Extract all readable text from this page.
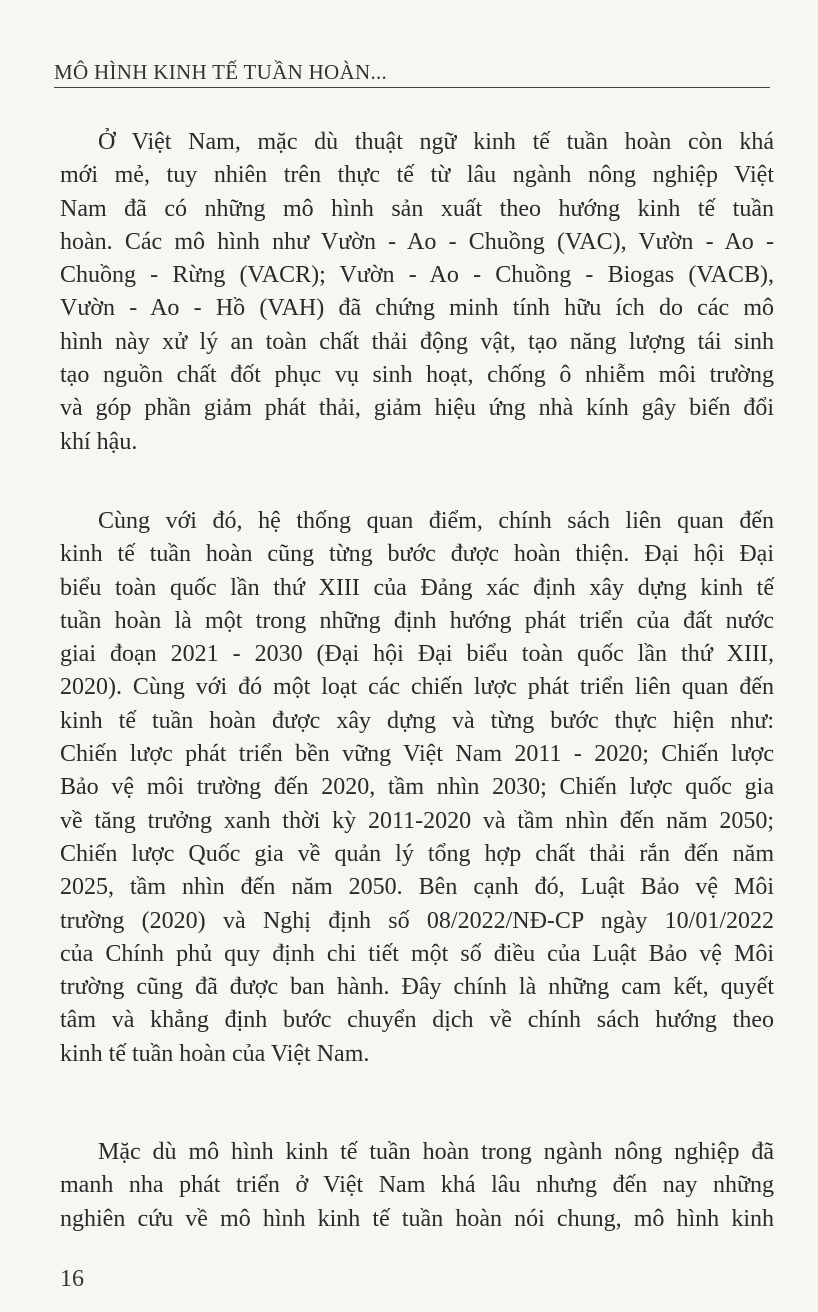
MÔ HÌNH KINH TẾ TUẦN HOÀN...
Ở Việt Nam, mặc dù thuật ngữ kinh tế tuần hoàn còn khá
mới mẻ, tuy nhiên trên thực tế từ lâu ngành nông nghiệp Việt
Nam đã có những mô hình sản xuất theo hướng kinh tế tuần
hoàn. Các mô hình như Vườn - Ao - Chuồng (VAC), Vườn - Ao -
Chuồng - Rừng (VACR); Vườn - Ao - Chuồng - Biogas (VACB),
Vườn - Ao - Hồ (VAH) đã chứng minh tính hữu ích do các mô
hình này xử lý an toàn chất thải động vật, tạo năng lượng tái sinh
tạo nguồn chất đốt phục vụ sinh hoạt, chống ô nhiễm môi trường
và góp phần giảm phát thải, giảm hiệu ứng nhà kính gây biến đổi
khí hậu.
Cùng với đó, hệ thống quan điểm, chính sách liên quan đến
kinh tế tuần hoàn cũng từng bước được hoàn thiện. Đại hội Đại
biểu toàn quốc lần thứ XIII của Đảng xác định xây dựng kinh tế
tuần hoàn là một trong những định hướng phát triển của đất nước
giai đoạn 2021 - 2030 (Đại hội Đại biểu toàn quốc lần thứ XIII,
2020). Cùng với đó một loạt các chiến lược phát triển liên quan đến
kinh tế tuần hoàn được xây dựng và từng bước thực hiện như:
Chiến lược phát triển bền vững Việt Nam 2011 - 2020; Chiến lược
Bảo vệ môi trường đến 2020, tầm nhìn 2030; Chiến lược quốc gia
về tăng trưởng xanh thời kỳ 2011-2020 và tầm nhìn đến năm 2050;
Chiến lược Quốc gia về quản lý tổng hợp chất thải rắn đến năm
2025, tầm nhìn đến năm 2050. Bên cạnh đó, Luật Bảo vệ Môi
trường (2020) và Nghị định số 08/2022/NĐ-CP ngày 10/01/2022
của Chính phủ quy định chi tiết một số điều của Luật Bảo vệ Môi
trường cũng đã được ban hành. Đây chính là những cam kết, quyết
tâm và khẳng định bước chuyển dịch về chính sách hướng theo
kinh tế tuần hoàn của Việt Nam.
Mặc dù mô hình kinh tế tuần hoàn trong ngành nông nghiệp đã
manh nha phát triển ở Việt Nam khá lâu nhưng đến nay những
nghiên cứu về mô hình kinh tế tuần hoàn nói chung, mô hình kinh
16
